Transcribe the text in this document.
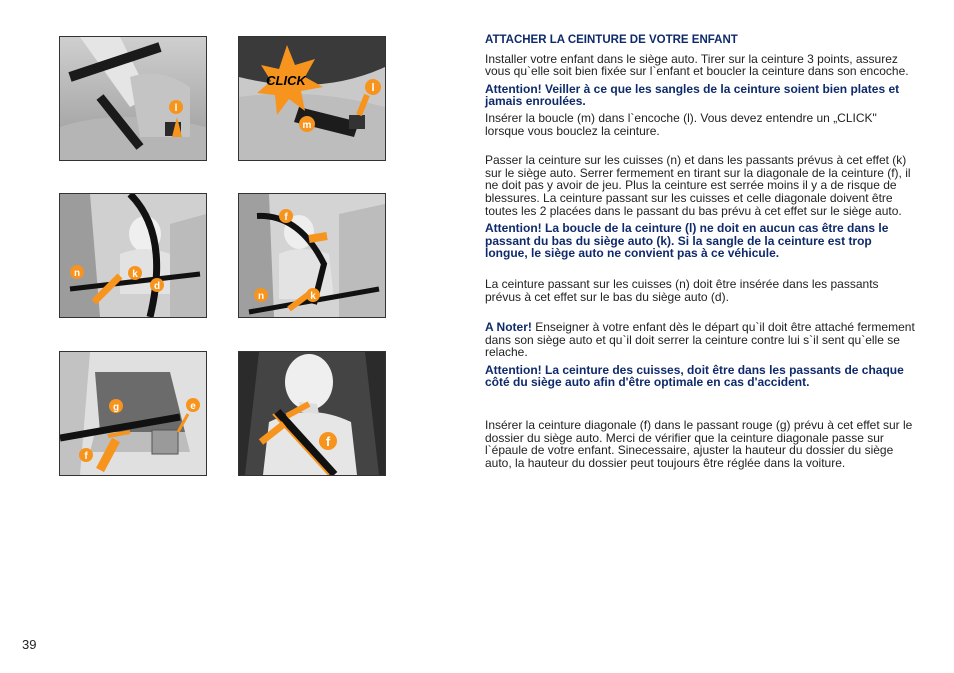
l
CLICK	l
m
n	k
d
f
n	k
g	e
f
f

ATTACHER LA CEINTURE DE VOTRE ENFANT

Installer votre enfant dans le siège auto. Tirer sur la ceinture 3 points, assurez vous qu`elle soit bien fixée sur l`enfant et boucler la ceinture dans son encoche.

Attention! Veiller à ce que les sangles de la ceinture soient bien plates et jamais enroulées.

Insérer la boucle (m) dans l`encoche (l). Vous devez entendre un „CLICK" lorsque vous bouclez la ceinture.

Passer la ceinture sur les cuisses (n) et dans les passants prévus à cet effet (k) sur le siège auto. Serrer fermement en tirant sur la diagonale de la ceinture (f), il ne doit pas y avoir de jeu. Plus la ceinture est serrée moins il y a de risque de blessures. La ceinture passant sur les cuisses et celle diagonale doivent être toutes les 2 placées dans le passant du bas prévu à cet effet sur le siège auto.

Attention! La boucle de la ceinture (l) ne doit en aucun cas être dans le passant du bas du siège auto (k). Si la sangle de la ceinture est trop longue, le siège auto ne convient pas à ce véhicule.

La ceinture passant sur les cuisses (n) doit être insérée dans les passants prévus à cet effet sur le bas du siège auto (d).

A Noter! Enseigner à votre enfant dès le départ qu`il doit être attaché fermement dans son siège auto et qu`il doit serrer la ceinture contre lui s`il sent qu`elle se relache.

Attention! La ceinture des cuisses, doit être dans les passants de chaque côté du siège auto afin d'être optimale en cas d'accident.

Insérer la ceinture diagonale (f) dans le passant rouge (g) prévu à cet effet sur le dossier du siège auto. Merci de vérifier que la ceinture diagonale passe sur l`épaule de votre enfant. Sinecessaire, ajuster la hauteur du dossier du siège auto, la hauteur du dossier peut toujours être réglée dans la voiture.

39
